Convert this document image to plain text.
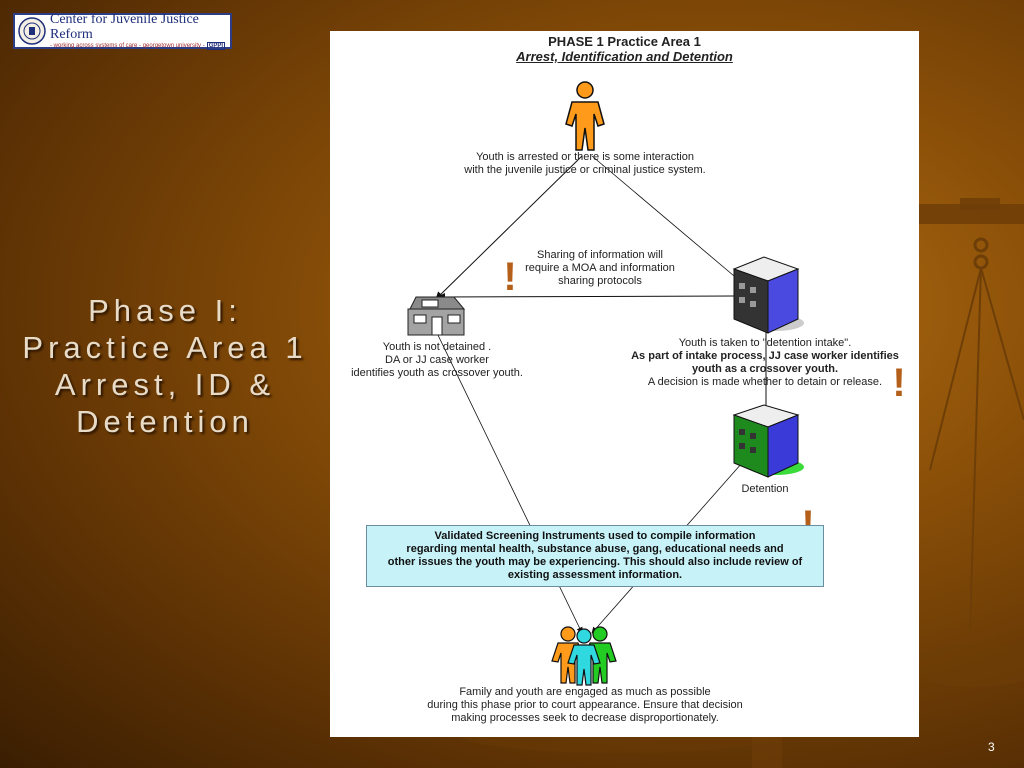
Center for Juvenile Justice Reform
- working across systems of care - georgetown university - GPPI
Phase I:
Practice Area 1
Arrest, ID &
Detention
PHASE 1 Practice Area 1
Arrest, Identification and Detention
Youth is arrested or there is some interaction
with the juvenile justice or criminal justice system.
Sharing of information will
require a MOA and information
sharing protocols
Youth is not detained .
DA or JJ case worker
identifies youth as crossover youth.
Youth is taken to "detention intake".
As part of intake process, JJ case worker identifies
youth as a crossover youth.
A decision is made whether to detain or release.
Detention
!
!
Validated Screening Instruments used to compile information
regarding mental health, substance abuse, gang, educational needs and
other issues the youth may be experiencing. This should also include review of
existing assessment information.
Family and youth are engaged as much as possible
during this phase prior to court appearance. Ensure that decision
making processes seek to decrease disproportionately.
3
